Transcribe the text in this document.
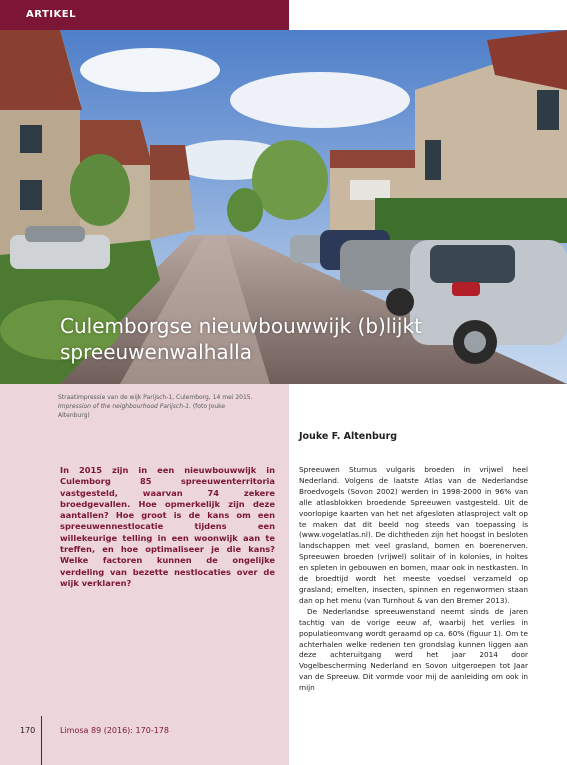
ARTIKEL
Culemborgse nieuwbouwwijk (b)lijkt
spreeuwenwalhalla
Straatimpressie van de wijk Parijsch-1, Culemborg, 14 mei 2015. Impression of the neighbourhood Parijsch-1. (foto Jouke Altenburg)
Jouke F. Altenburg
In 2015 zijn in een nieuwbouwwijk in Culemborg 85 spreeuwenterritoria vastgesteld, waarvan 74 zekere broedgevallen. Hoe opmerkelijk zijn deze aantallen? Hoe groot is de kans om een spreeuwennestlocatie tijdens een willekeurige telling in een woonwijk aan te treffen, en hoe optimaliseer je die kans? Welke factoren kunnen de ongelijke verdeling van bezette nestlocaties over de wijk verklaren?

Spreeuwen Sturnus vulgaris broeden in vrijwel heel Nederland. Volgens de laatste Atlas van de Nederlandse Broedvogels (Sovon 2002) werden in 1998-2000 in 96% van alle atlasblokken broedende Spreeuwen vastgesteld. Uit de voorlopige kaarten van het net afgesloten atlasproject valt op te maken dat dit beeld nog steeds van toepassing is (www.vogelatlas.nl). De dichtheden zijn het hoogst in besloten landschappen met veel grasland, bomen en boerenerven. Spreeuwen broeden (vrijwel) solitair of in kolonies, in holtes en spleten in gebouwen en bomen, maar ook in nestkasten. In de broedtijd wordt het meeste voedsel verzameld op grasland; emelten, insecten, spinnen en regenwormen staan dan op het menu (van Turnhout & van den Bremer 2013).

De Nederlandse spreeuwenstand neemt sinds de jaren tachtig van de vorige eeuw af, waarbij het verlies in populatieomvang wordt geraamd op ca. 60% (figuur 1). Om te achterhalen welke redenen ten grondslag kunnen liggen aan deze achteruitgang werd het jaar 2014 door Vogelbescherming Nederland en Sovon uitgeroepen tot Jaar van de Spreeuw. Dit vormde voor mij de aanleiding om ook in mijn

170	Limosa 89 (2016): 170-178
